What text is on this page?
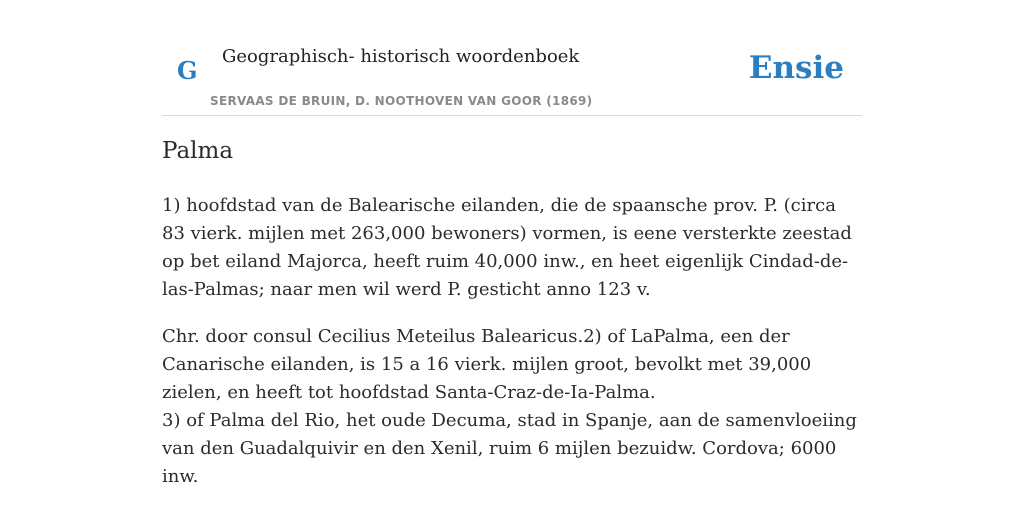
G Geographisch- historisch woordenboek
SERVAAS DE BRUIN, D. NOOTHOVEN VAN GOOR (1869)
Ensie
Palma

1) hoofdstad van de Balearische eilanden, die de spaansche prov. P. (circa 83 vierk. mijlen met 263,000 bewoners) vormen, is eene versterkte zeestad op bet eiland Majorca, heeft ruim 40,000 inw., en heet eigenlijk Cindad-de-las-Palmas; naar men wil werd P. gesticht anno 123 v.

Chr. door consul Cecilius Meteilus Balearicus.2) of LaPalma, een der Canarische eilanden, is 15 a 16 vierk. mijlen groot, bevolkt met 39,000 zielen, en heeft tot hoofdstad Santa-Craz-de-Ia-Palma.

3) of Palma del Rio, het oude Decuma, stad in Spanje, aan de samenvloeiing van den Guadalquivir en den Xenil, ruim 6 mijlen bezuidw. Cordova; 6000 inw.
